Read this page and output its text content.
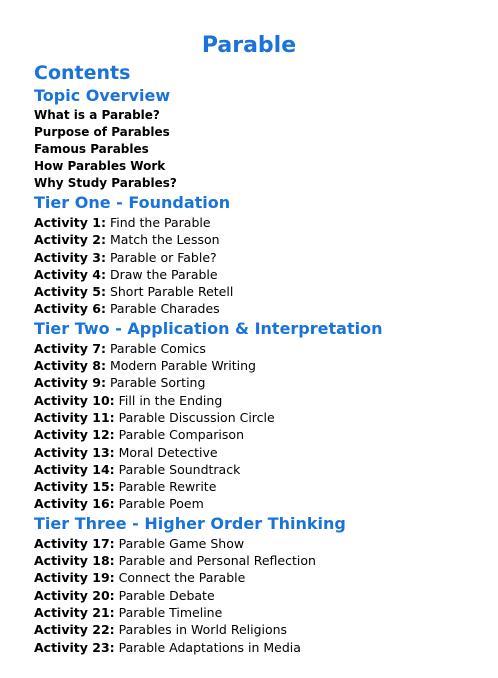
Parable
Contents
Topic Overview
What is a Parable?
Purpose of Parables
Famous Parables
How Parables Work
Why Study Parables?
Tier One - Foundation
Activity 1: Find the Parable
Activity 2: Match the Lesson
Activity 3: Parable or Fable?
Activity 4: Draw the Parable
Activity 5: Short Parable Retell
Activity 6: Parable Charades
Tier Two - Application & Interpretation
Activity 7: Parable Comics
Activity 8: Modern Parable Writing
Activity 9: Parable Sorting
Activity 10: Fill in the Ending
Activity 11: Parable Discussion Circle
Activity 12: Parable Comparison
Activity 13: Moral Detective
Activity 14: Parable Soundtrack
Activity 15: Parable Rewrite
Activity 16: Parable Poem
Tier Three - Higher Order Thinking
Activity 17: Parable Game Show
Activity 18: Parable and Personal Reflection
Activity 19: Connect the Parable
Activity 20: Parable Debate
Activity 21: Parable Timeline
Activity 22: Parables in World Religions
Activity 23: Parable Adaptations in Media
